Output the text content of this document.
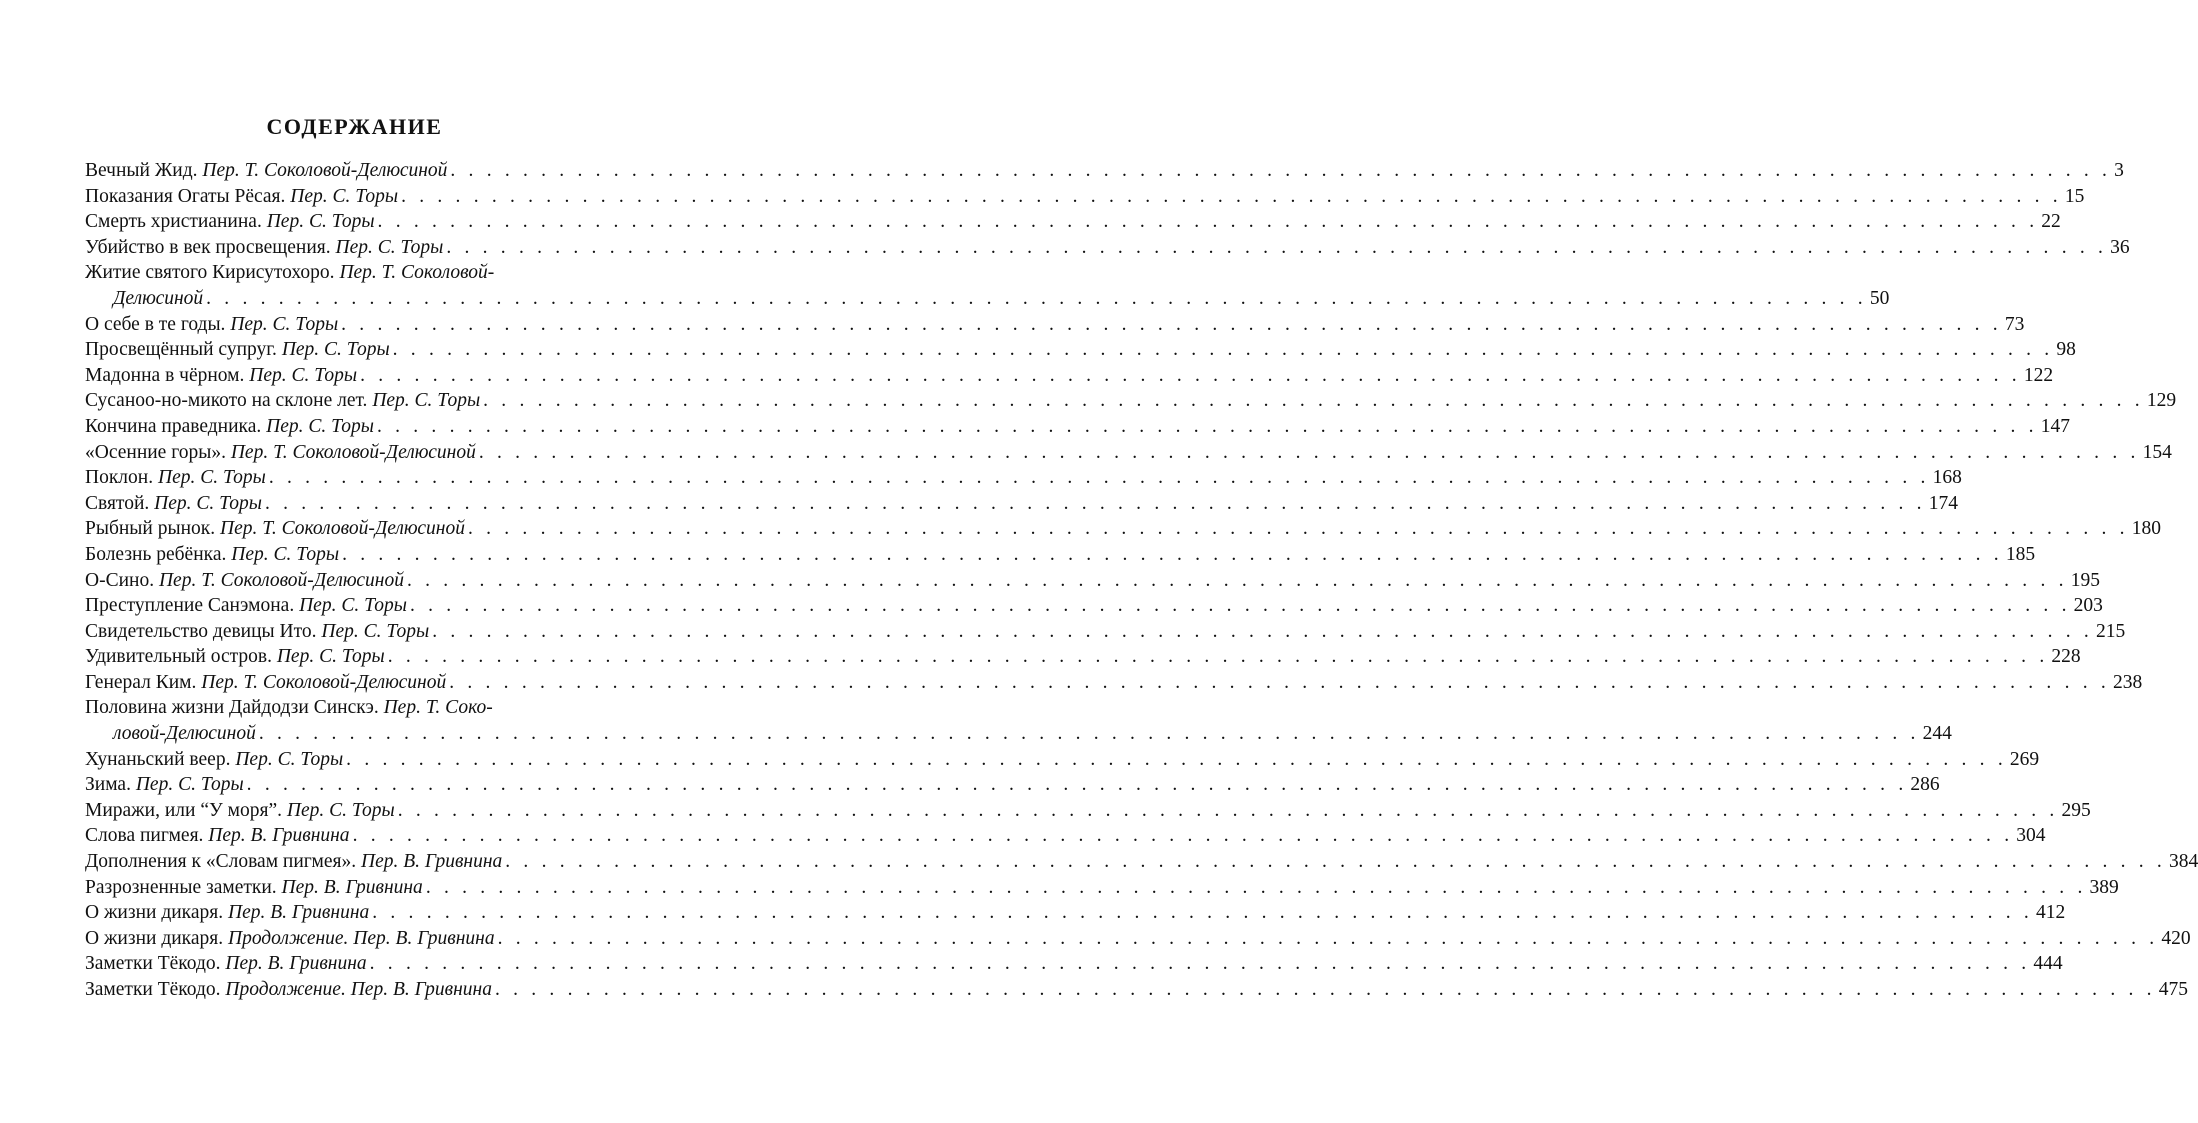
СОДЕРЖАНИЕ
Вечный Жид.
Пер. Т. Соколовой-Делюсиной . . .	3
Показания Огаты Рёсая.
Пер. С. Торы . . .	15
Смерть христианина.
Пер. С. Торы . . .	22
Убийство в век просвещения.
Пер. С. Торы . . .	36
Житие святого Кирисутохоро.
Пер. Т. Соколовой-
Делюсиной . . .	50
О себе в те годы.
Пер. С. Торы . . .	73
Просвещённый супруг.
Пер. С. Торы . . .	98
Мадонна в чёрном.
Пер. С. Торы . . .	122
Сусаноо-но-микото на склоне лет.
Пер. С. Торы . . .	129
Кончина праведника.
Пер. С. Торы . . .	147
«Осенние горы».
Пер. Т. Соколовой-Делюсиной . . .	154
Поклон.
Пер. С. Торы . . .	168
Святой.
Пер. С. Торы . . .	174
Рыбный рынок.
Пер. Т. Соколовой-Делюсиной . . .	180
Болезнь ребёнка.
Пер. С. Торы . . .	185
О-Сино.
Пер. Т. Соколовой-Делюсиной . . .	195
Преступление Санэмона.
Пер. С. Торы . . .	203
Свидетельство девицы Ито.
Пер. С. Торы . . .	215
Удивительный остров.
Пер. С. Торы . . .	228
Генерал Ким.
Пер. Т. Соколовой-Делюсиной . . .	238
Половина жизни Дайдодзи Синскэ.
Пер. Т. Соко-
ловой-Делюсиной . . .	244
Хунаньский веер.
Пер. С. Торы . . .	269
Зима.
Пер. С. Торы . . .	286
Миражи, или “У моря”.
Пер. С. Торы . . .	295
Слова пигмея.
Пер. В. Гривнина . . .	304
Дополнения к «Словам пигмея».
Пер. В. Гривнина . . .	384
Разрозненные заметки.
Пер. В. Гривнина . . .	389
О жизни дикаря.
Пер. В. Гривнина . . .	412
О жизни дикаря.
Продолжение. Пер. В. Гривнина . . .	420
Заметки Тёкодо.
Пер. В. Гривнина . . .	444
Заметки Тёкодо.
Продолжение. Пер. В. Гривнина . . .	475
